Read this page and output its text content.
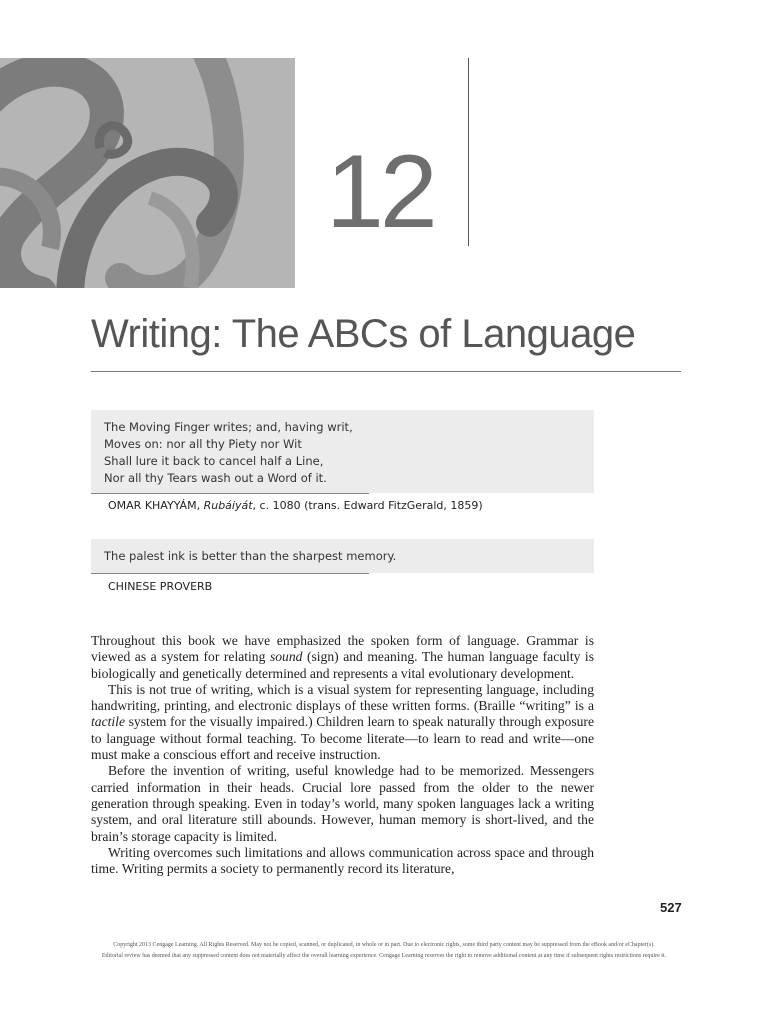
12
Writing: The ABCs of Language
The Moving Finger writes; and, having writ,
Moves on: nor all thy Piety nor Wit
Shall lure it back to cancel half a Line,
Nor all thy Tears wash out a Word of it.
OMAR KHAYYÁM, Rubáiyát, c. 1080 (trans. Edward FitzGerald, 1859)
The palest ink is better than the sharpest memory.
CHINESE PROVERB

Throughout this book we have emphasized the spoken form of language. Grammar is viewed as a system for relating sound (sign) and meaning. The human language faculty is biologically and genetically determined and represents a vital evolutionary development.

This is not true of writing, which is a visual system for representing language, including handwriting, printing, and electronic displays of these written forms. (Braille “writing” is a tactile system for the visually impaired.) Children learn to speak naturally through exposure to language without formal teaching. To become literate—to learn to read and write—one must make a conscious effort and receive instruction.

Before the invention of writing, useful knowledge had to be memorized. Messengers carried information in their heads. Crucial lore passed from the older to the newer generation through speaking. Even in today’s world, many spoken languages lack a writing system, and oral literature still abounds. However, human memory is short-lived, and the brain’s storage capacity is limited.

Writing overcomes such limitations and allows communication across space and through time. Writing permits a society to permanently record its literature,

527
Copyright 2013 Cengage Learning. All Rights Reserved. May not be copied, scanned, or duplicated, in whole or in part. Due to electronic rights, some third party content may be suppressed from the eBook and/or eChapter(s).
Editorial review has deemed that any suppressed content does not materially affect the overall learning experience. Cengage Learning reserves the right to remove additional content at any time if subsequent rights restrictions require it.
